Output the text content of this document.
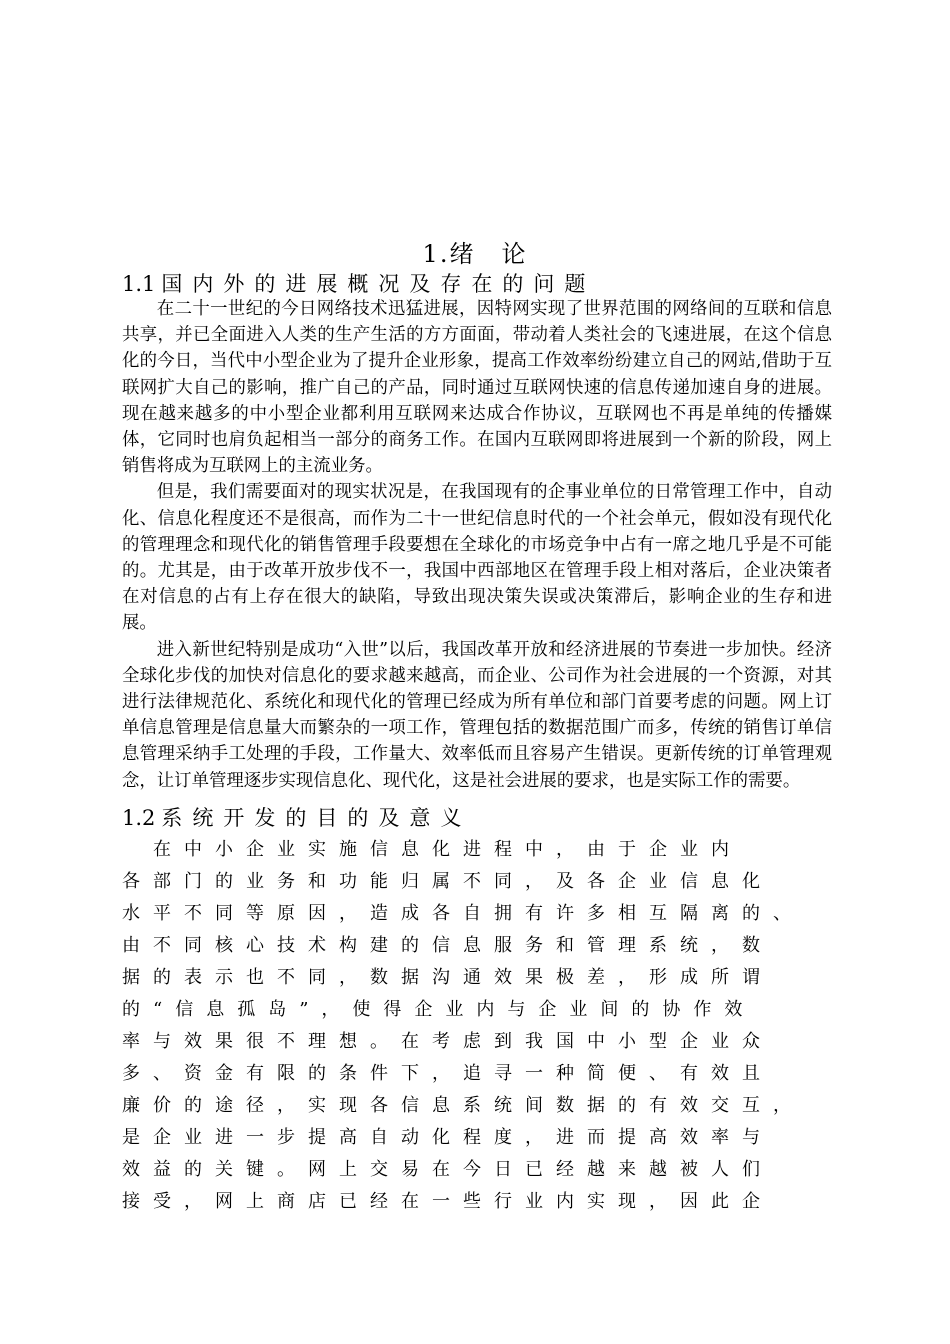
1.绪　论
1.1 国内外的进展概况及存在的问题

在二十一世纪的今日网络技术迅猛进展，因特网实现了世界范围的网络间的互联和信息共享，并已全面进入人类的生产生活的方方面面，带动着人类社会的飞速进展，在这个信息化的今日，当代中小型企业为了提升企业形象，提高工作效率纷纷建立自己的网站,借助于互联网扩大自己的影响，推广自己的产品，同时通过互联网快速的信息传递加速自身的进展。现在越来越多的中小型企业都利用互联网来达成合作协议，互联网也不再是单纯的传播媒体，它同时也肩负起相当一部分的商务工作。在国内互联网即将进展到一个新的阶段，网上销售将成为互联网上的主流业务。

但是，我们需要面对的现实状况是，在我国现有的企事业单位的日常管理工作中，自动化、信息化程度还不是很高，而作为二十一世纪信息时代的一个社会单元，假如没有现代化的管理理念和现代化的销售管理手段要想在全球化的市场竞争中占有一席之地几乎是不可能的。尤其是，由于改革开放步伐不一，我国中西部地区在管理手段上相对落后，企业决策者在对信息的占有上存在很大的缺陷，导致出现决策失误或决策滞后，影响企业的生存和进展。

进入新世纪特别是成功“入世”以后，我国改革开放和经济进展的节奏进一步加快。经济全球化步伐的加快对信息化的要求越来越高，而企业、公司作为社会进展的一个资源，对其进行法律规范化、系统化和现代化的管理已经成为所有单位和部门首要考虑的问题。网上订单信息管理是信息量大而繁杂的一项工作，管理包括的数据范围广而多，传统的销售订单信息管理采纳手工处理的手段，工作量大、效率低而且容易产生错误。更新传统的订单管理观念，让订单管理逐步实现信息化、现代化，这是社会进展的要求，也是实际工作的需要。

1.2 系统开发的目的及意义
　在中小企业实施信息化进程中，由于企业内
各部门的业务和功能归属不同，及各企业信息化
水平不同等原因，造成各自拥有许多相互隔离的、
由不同核心技术构建的信息服务和管理系统，数
据的表示也不同，数据沟通效果极差，形成所谓
的“信息孤岛”，使得企业内与企业间的协作效
率与效果很不理想。在考虑到我国中小型企业众
多、资金有限的条件下，追寻一种简便、有效且
廉价的途径，实现各信息系统间数据的有效交互，
是企业进一步提高自动化程度，进而提高效率与
效益的关键。网上交易在今日已经越来越被人们
接受，网上商店已经在一些行业内实现，因此企
